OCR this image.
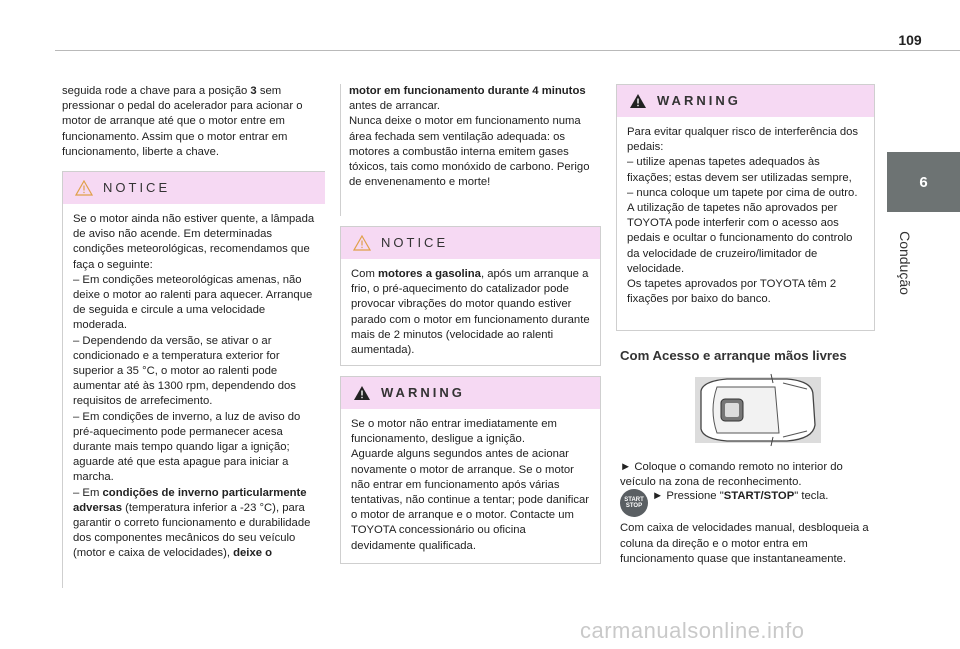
109
6
Condução

seguida rode a chave para a posição 3 sem pressionar o pedal do acelerador para acionar o motor de arranque até que o motor entre em funcionamento. Assim que o motor entrar em funcionamento, liberte a chave.

NOTICE

Se o motor ainda não estiver quente, a lâmpada de aviso não acende. Em determinadas condições meteorológicas, recomendamos que faça o seguinte:

– Em condições meteorológicas amenas, não deixe o motor ao ralenti para aquecer. Arranque de seguida e circule a uma velocidade moderada.

– Dependendo da versão, se ativar o ar condicionado e a temperatura exterior for superior a 35 °C, o motor ao ralenti pode aumentar até às 1300 rpm, dependendo dos requisitos de arrefecimento.

– Em condições de inverno, a luz de aviso do pré-aquecimento pode permanecer acesa durante mais tempo quando ligar a ignição; aguarde até que esta apague para iniciar a marcha.

– Em condições de inverno particularmente adversas (temperatura inferior a -23 °C), para garantir o correto funcionamento e durabilidade dos componentes mecânicos do seu veículo (motor e caixa de velocidades), deixe o

motor em funcionamento durante 4 minutos antes de arrancar.

Nunca deixe o motor em funcionamento numa área fechada sem ventilação adequada: os motores a combustão interna emitem gases tóxicos, tais como monóxido de carbono. Perigo de envenenamento e morte!

NOTICE

Com motores a gasolina, após um arranque a frio, o pré-aquecimento do catalizador pode provocar vibrações do motor quando estiver parado com o motor em funcionamento durante mais de 2 minutos (velocidade ao ralenti aumentada).

WARNING

Se o motor não entrar imediatamente em funcionamento, desligue a ignição.

Aguarde alguns segundos antes de acionar novamente o motor de arranque. Se o motor não entrar em funcionamento após várias tentativas, não continue a tentar; pode danificar o motor de arranque e o motor. Contacte um TOYOTA concessionário ou oficina devidamente qualificada.

WARNING

Para evitar qualquer risco de interferência dos pedais:

– utilize apenas tapetes adequados às fixações; estas devem ser utilizadas sempre,

– nunca coloque um tapete por cima de outro.

A utilização de tapetes não aprovados per TOYOTA pode interferir com o acesso aos pedais e ocultar o funcionamento do controlo da velocidade de cruzeiro/limitador de velocidade.

Os tapetes aprovados por TOYOTA têm 2 fixações por baixo do banco.

Com Acesso e arranque mãos livres

► Coloque o comando remoto no interior do veículo na zona de reconhecimento.

START
STOP
► Pressione "START/STOP" tecla.

Com caixa de velocidades manual, desbloqueia a coluna da direção e o motor entra em funcionamento quase que instantaneamente.

carmanualsonline.info
